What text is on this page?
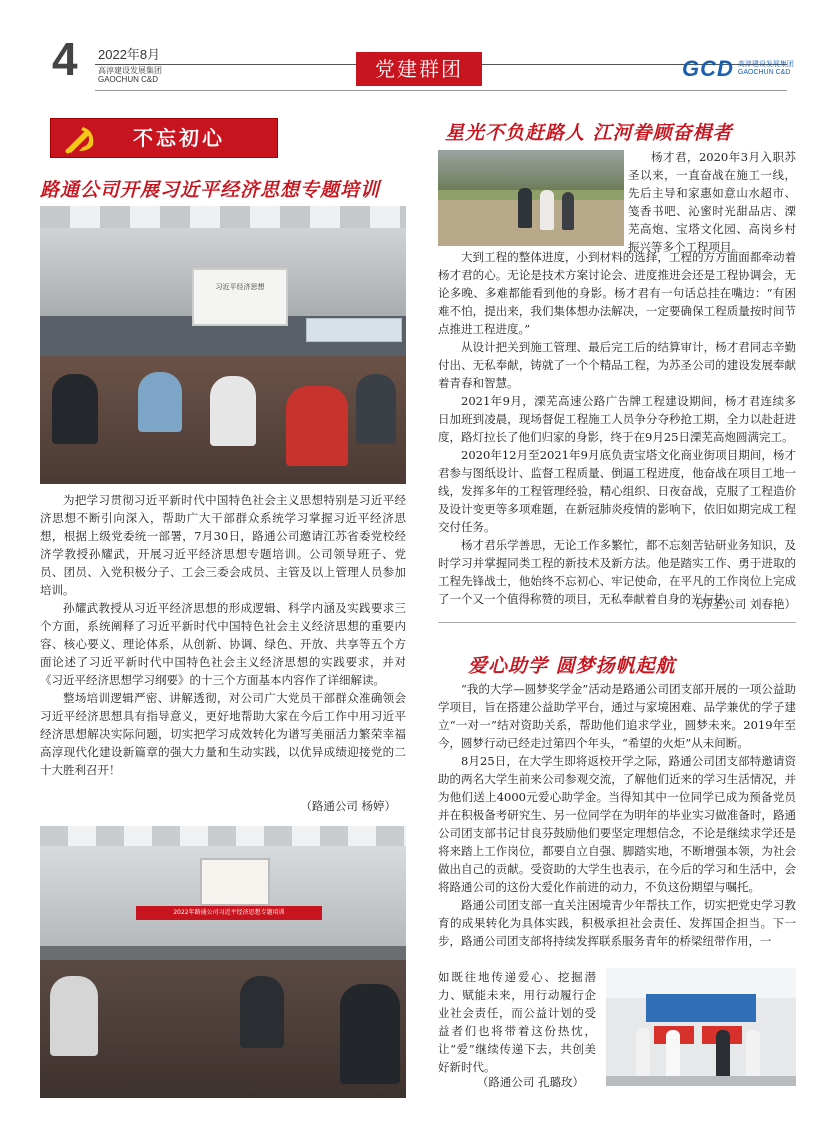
4 2022年8月
高淳建设发展集团
GAOCHUN C&D	党建群团	GCD 高淳建设发展集团
GAOCHUN C&D
不忘初心
路通公司开展习近平经济思想专题培训
习近平经济思想

为把学习贯彻习近平新时代中国特色社会主义思想特别是习近平经济思想不断引向深入，帮助广大干部群众系统学习掌握习近平经济思想，根据上级党委统一部署，7月30日，路通公司邀请江苏省委党校经济学教授孙耀武，开展习近平经济思想专题培训。公司领导班子、党员、团员、入党积极分子、工会三委会成员、主管及以上管理人员参加培训。

孙耀武教授从习近平经济思想的形成逻辑、科学内涵及实践要求三个方面，系统阐释了习近平新时代中国特色社会主义经济思想的重要内容、核心要义、理论体系，从创新、协调、绿色、开放、共享等五个方面论述了习近平新时代中国特色社会主义经济思想的实践要求，并对《习近平经济思想学习纲要》的十三个方面基本内容作了详细解读。

整场培训逻辑严密、讲解透彻，对公司广大党员干部群众准确领会习近平经济思想具有指导意义，更好地帮助大家在今后工作中用习近平经济思想解决实际问题，切实把学习成效转化为谱写美丽活力繁荣幸福高淳现代化建设新篇章的强大力量和生动实践，以优异成绩迎接党的二十大胜利召开！

（路通公司 杨婷）
2022年路通公司习近平经济思想专题培训
星光不负赶路人 江河眷顾奋楫者

杨才君，2020年3月入职苏圣以来，一直奋战在施工一线，先后主导和家惠如意山水超市、笺香书吧、沁蜜时光甜品店、溧芜高炮、宝塔文化园、高岗乡村振兴等多个工程项目。

大到工程的整体进度，小到材料的选择，工程的方方面面都牵动着杨才君的心。无论是技术方案讨论会、进度推进会还是工程协调会，无论多晚、多难都能看到他的身影。杨才君有一句话总挂在嘴边：“有困难不怕，提出来，我们集体想办法解决，一定要确保工程质量按时间节点推进工程进度。”

从设计把关到施工管理、最后完工后的结算审计，杨才君同志辛勤付出、无私奉献，铸就了一个个精品工程，为苏圣公司的建设发展奉献着青春和智慧。

2021年9月，溧芜高速公路广告牌工程建设期间，杨才君连续多日加班到凌晨，现场督促工程施工人员争分夺秒抢工期，全力以赴赶进度，路灯拉长了他们归家的身影，终于在9月25日溧芜高炮圆满完工。

2020年12月至2021年9月底负责宝塔文化商业街项目期间，杨才君参与图纸设计、监督工程质量、倒逼工程进度，他奋战在项目工地一线，发挥多年的工程管理经验，精心组织、日夜奋战，克服了工程造价及设计变更等多项难题，在新冠肺炎疫情的影响下，依旧如期完成工程交付任务。

杨才君乐学善思，无论工作多繁忙，都不忘刻苦钻研业务知识，及时学习并掌握同类工程的新技术及新方法。他是踏实工作、勇于进取的工程先锋战士，他始终不忘初心、牢记使命，在平凡的工作岗位上完成了一个又一个值得称赞的项目，无私奉献着自身的光与热。

（苏圣公司 刘春艳）
爱心助学 圆梦扬帆起航

“我的大学—圆梦奖学金”活动是路通公司团支部开展的一项公益助学项目，旨在搭建公益助学平台，通过与家境困难、品学兼优的学子建立“一对一”结对资助关系，帮助他们追求学业，圆梦未来。2019年至今，圆梦行动已经走过第四个年头，“希望的火炬”从未间断。

8月25日，在大学生即将返校开学之际，路通公司团支部特邀请资助的两名大学生前来公司参观交流，了解他们近来的学习生活情况，并为他们送上4000元爱心助学金。当得知其中一位同学已成为预备党员并在积极备考研究生、另一位同学在为明年的毕业实习做准备时，路通公司团支部书记甘良芬鼓励他们要坚定理想信念，不论是继续求学还是将来踏上工作岗位，都要自立自强、脚踏实地，不断增强本领，为社会做出自己的贡献。受资助的大学生也表示，在今后的学习和生活中，会将路通公司的这份大爱化作前进的动力，不负这份期望与嘱托。

路通公司团支部一直关注困境青少年帮扶工作，切实把党史学习教育的成果转化为具体实践，积极承担社会责任、发挥国企担当。下一步，路通公司团支部将持续发挥联系服务青年的桥梁纽带作用，一

如既往地传递爱心、挖掘潜力、赋能未来，用行动履行企业社会责任，而公益计划的受益者们也将带着这份热忱，让“爱”继续传递下去，共创美好新时代。

（路通公司 孔璐玫）
